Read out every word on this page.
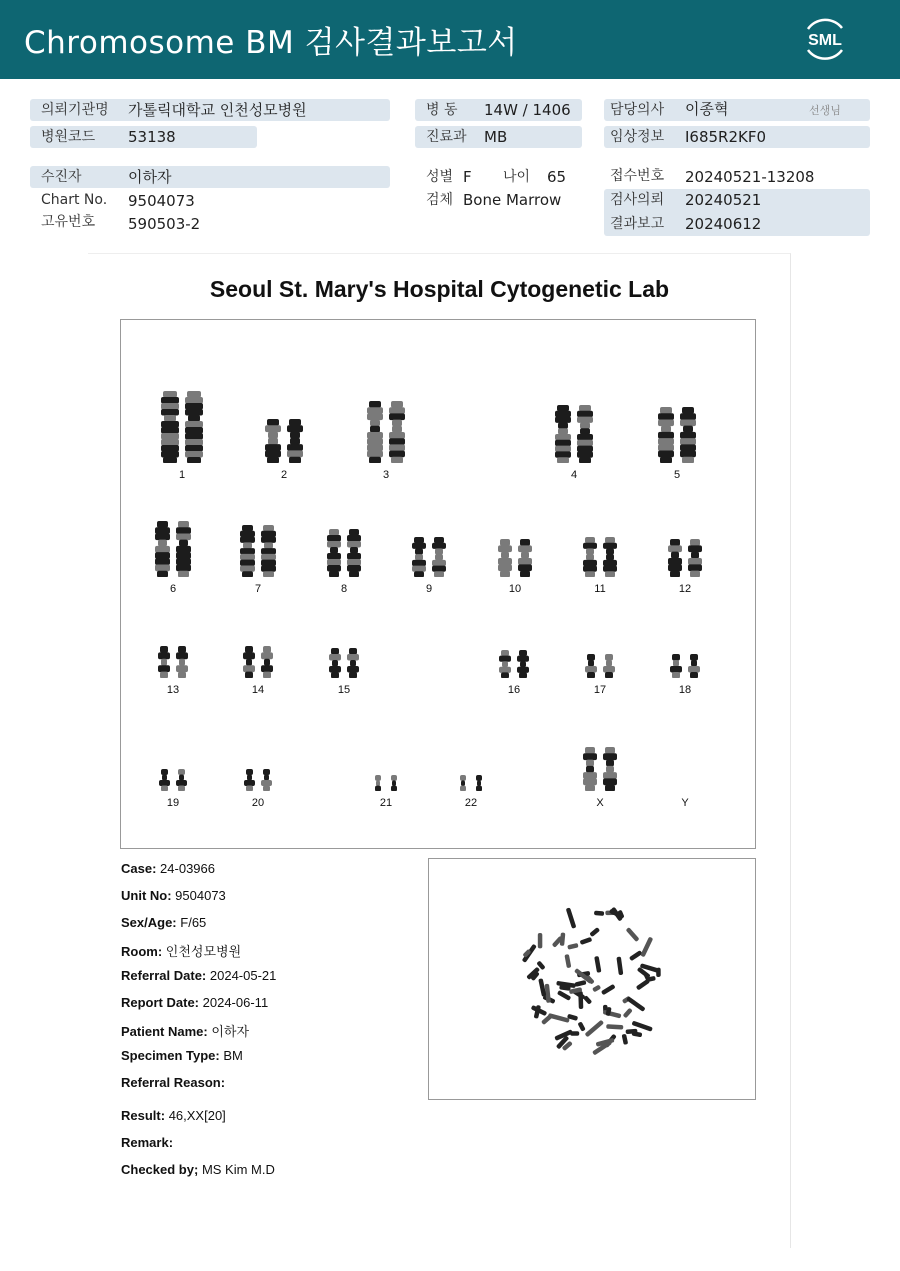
Chromosome BM 검사결과보고서	SML
의뢰기관명 가톨릭대학교 인천성모병원
병원코드 53138
수진자	이하자
Chart No. 9504073
고유번호 590503-2
병 동 14W / 1406
진료과 MB
성별 F 나이 65
검체 Bone Marrow
담당의사 이종혁	선생님
임상정보 I685R2KF0
접수번호 20240521-13208
검사의뢰 20240521
결과보고 20240612
Seoul St. Mary's Hospital Cytogenetic Lab
1	2	3	4	5
6	7	8	9	10	11	12
13	14	15	16	17	18
19	20	21	22	X	Y
Case: 24-03966
Unit No: 9504073
Sex/Age: F/65
Room: 인천성모병원
Referral Date: 2024-05-21
Report Date: 2024-06-11
Patient Name: 이하자
Specimen Type: BM
Referral Reason:
Result: 46,XX[20]
Remark:
Checked by; MS Kim M.D
